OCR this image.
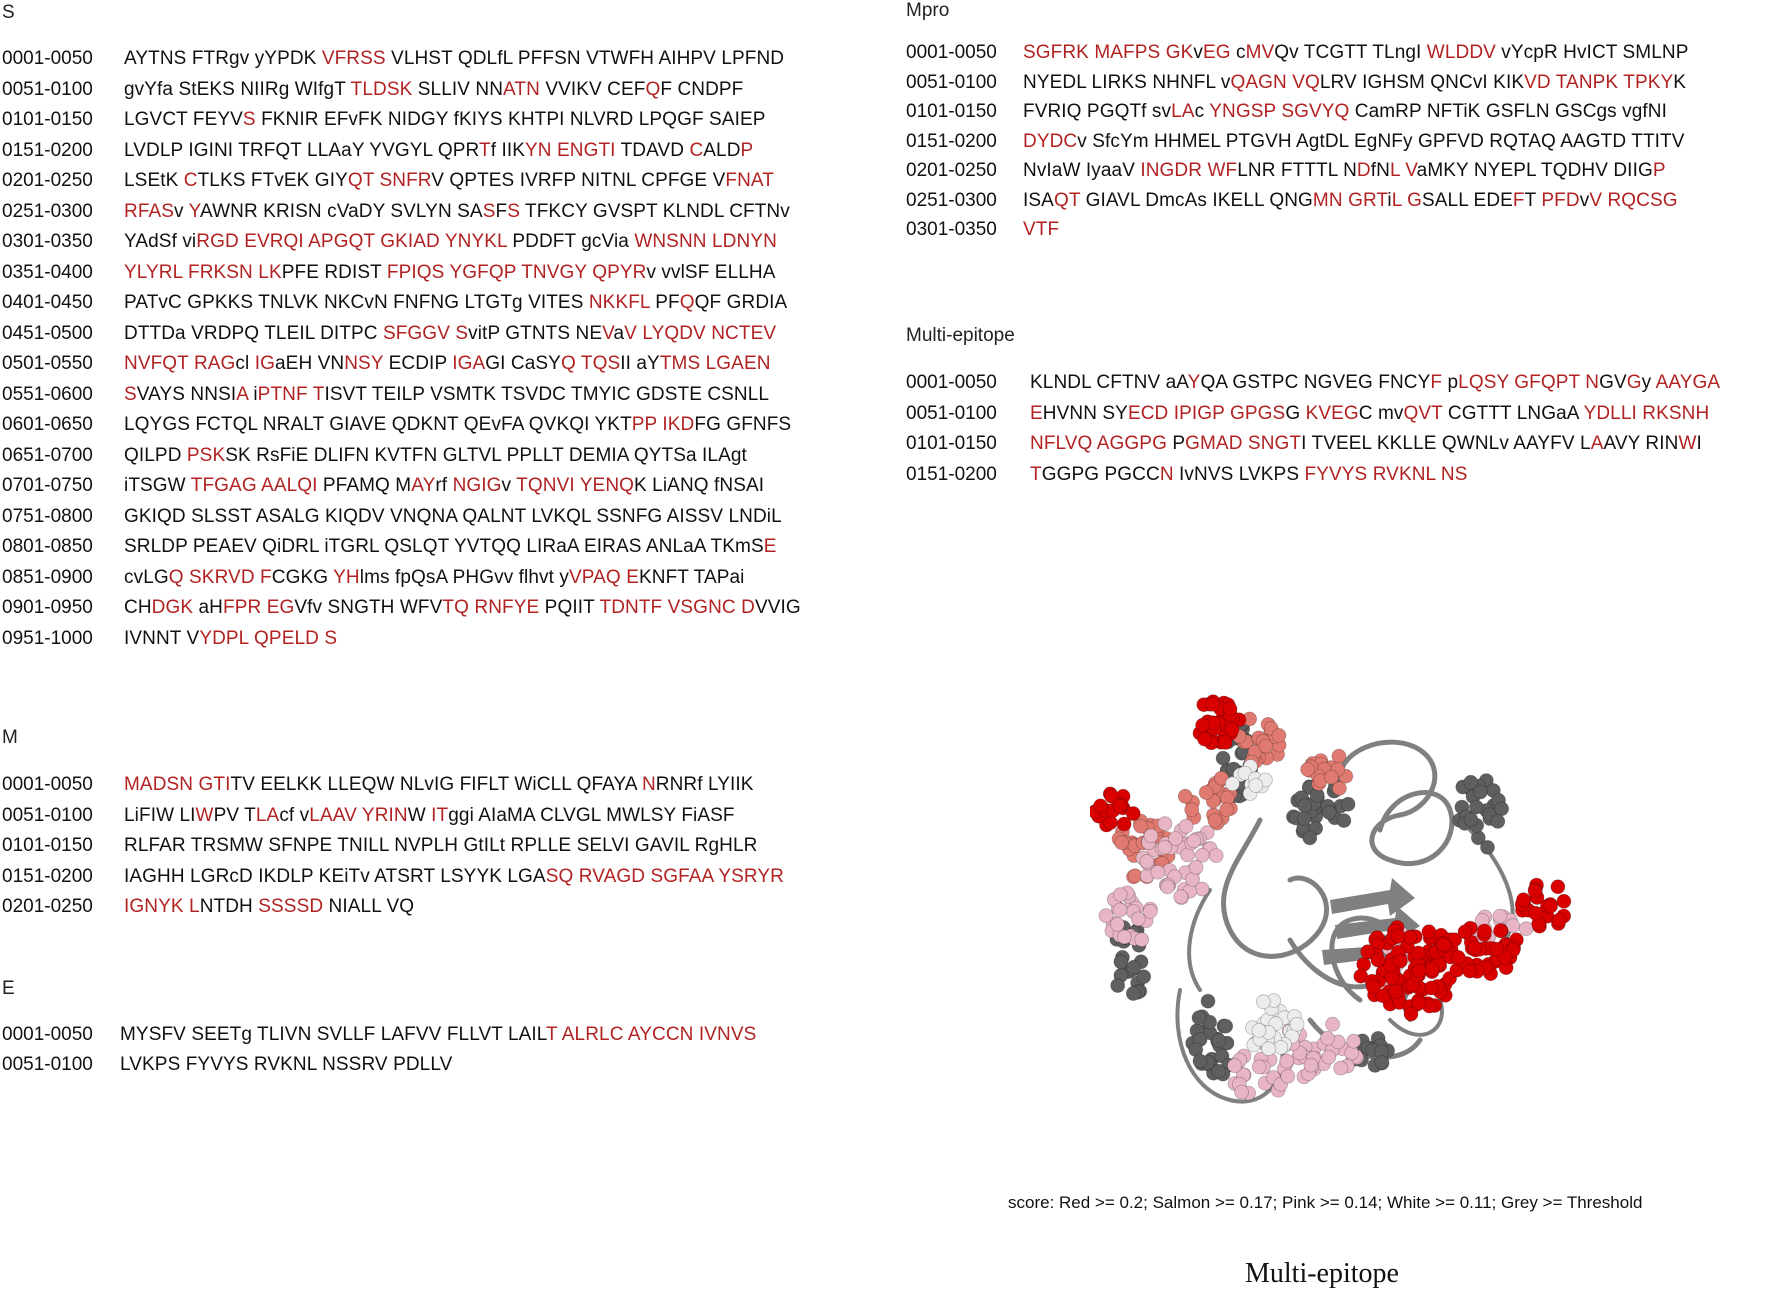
S
0001-0050 AYTNS FTRgv yYPDK VFRSS VLHST QDLfL PFFSN VTWFH AIHPV LPFND
0051-0100 gvYfa StEKS NIIRg WIfgT TLDSK SLLIV NNATN VVIKV CEFQF CNDPF
0101-0150 LGVCT FEYVS FKNIR EFvFK NIDGY fKIYS KHTPI NLVRD LPQGF SAIEP
0151-0200 LVDLP IGINI TRFQT LLAaY YVGYL QPRTf IIKYN ENGTI TDAVD CALDP
0201-0250 LSEtK CTLKS FTvEK GIYQT SNFRV QPTES IVRFP NITNL CPFGE VFNAT
0251-0300 RFASv YAWNR KRISN cVaDY SVLYN SASFS TFKCY GVSPT KLNDL CFTNv
0301-0350 YAdSf viRGD EVRQI APGQT GKIAD YNYKL PDDFT gcVia WNSNN LDNYN
0351-0400 YLYRL FRKSN LKPFE RDIST FPIQS YGFQP TNVGY QPYRv vvlSF ELLHA
0401-0450 PATvC GPKKS TNLVK NKCvN FNFNG LTGTg VITES NKKFL PFQQF GRDIA
0451-0500 DTTDa VRDPQ TLEIL DITPC SFGGV SvitP GTNTS NEVaV LYQDV NCTEV
0501-0550 NVFQT RAGcl IGaEH VNNSY ECDIP IGAGI CaSYQ TQSII aYTMS LGAEN
0551-0600 SVAYS NNSIA iPTNF TISVT TEILP VSMTK TSVDC TMYIC GDSTE CSNLL
0601-0650 LQYGS FCTQL NRALT GIAVE QDKNT QEvFA QVKQI YKTPP IKDFG GFNFS
0651-0700 QILPD PSKSK RsFiE DLIFN KVTFN GLTVL PPLLT DEMIA QYTSa ILAgt
0701-0750 iTSGW TFGAG AALQI PFAMQ MAYrf NGIGv TQNVI YENQK LiANQ fNSAI
0751-0800 GKIQD SLSST ASALG KIQDV VNQNA QALNT LVKQL SSNFG AISSV LNDiL
0801-0850 SRLDP PEAEV QiDRL iTGRL QSLQT YVTQQ LIRaA EIRAS ANLaA TKmSE
0851-0900 cvLGQ SKRVD FCGKG YHlms fpQsA PHGvv flhvt yVPAQ EKNFT TAPai
0901-0950 CHDGK aHFPR EGVfv SNGTH WFVTQ RNFYE PQIIT TDNTF VSGNC DVVIG
0951-1000 IVNNT VYDPL QPELD S
Mpro
0001-0050 SGFRK MAFPS GKvEG cMVQv TCGTT TLngI WLDDV vYcpR HvICT SMLNP
0051-0100 NYEDL LIRKS NHNFL vQAGN VQLRV IGHSM QNCvI KIKVD TANPK TPKYK
0101-0150 FVRIQ PGQTf svLAc YNGSP SGVYQ CamRP NFTiK GSFLN GSCgs vgfNI
0151-0200 DYDCv SfcYm HHMEL PTGVH AgtDL EgNFy GPFVD RQTAQ AAGTD TTITV
0201-0250 NvIaW IyaaV INGDR WFLNR FTTTL NDfNL VaMKY NYEPL TQDHV DIIGP
0251-0300 ISAQT GIAVL DmcAs IKELL QNGMN GRTiL GSALL EDEFT PFDvV RQCSG
0301-0350 VTF
Multi-epitope
0001-0050 KLNDL CFTNV aAYQA GSTPC NGVEG FNCYF pLQSY GFQPT NGVGy AAYGA
0051-0100 EHVNN SYECD IPIGP GPGSG KVEGC mvQVT CGTTT LNGaA YDLLI RKSNH
0101-0150 NFLVQ AGGPG PGMAD SNGTI TVEEL KKLLE QWNLv AAYFV LAAVY RINWI
0151-0200 TGGPG PGCCN IvNVS LVKPS FYVYS RVKNL NS
M
0001-0050 MADSN GTITV EELKK LLEQW NLvIG FIFLT WiCLL QFAYA NRNRf LYIIK
0051-0100 LiFIW LIWPV TLAcf vLAAV YRINW ITggi AIaMA CLVGL MWLSY FiASF
0101-0150 RLFAR TRSMW SFNPE TNILL NVPLH GtILt RPLLE SELVI GAVIL RgHLR
0151-0200 IAGHH LGRcD IKDLP KEiTv ATSRT LSYYK LGASQ RVAGD SGFAA YSRYR
0201-0250 IGNYK LNTDH SSSSD NIALL VQ
E
0001-0050 MYSFV SEETg TLIVN SVLLF LAFVV FLLVT LAILT ALRLC AYCCN IVNVS
0051-0100 LVKPS FYVYS RVKNL NSSRV PDLLV
score: Red >= 0.2; Salmon >= 0.17; Pink >= 0.14; White >= 0.11; Grey >= Threshold
Multi-epitope
